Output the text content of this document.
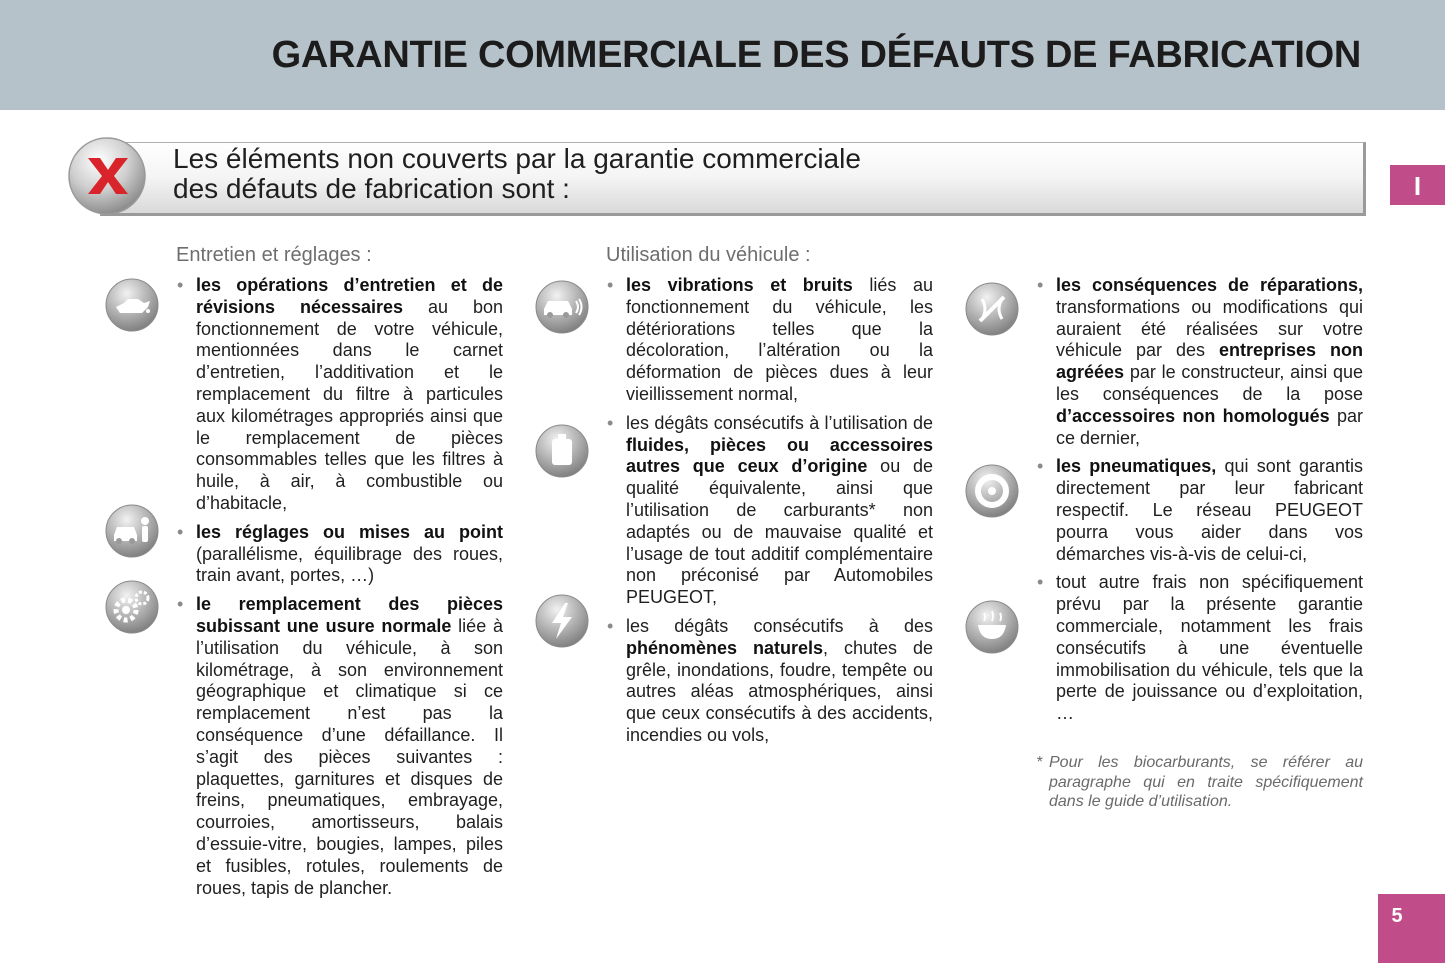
GARANTIE COMMERCIALE DES DÉFAUTS DE FABRICATION
I
5
Les éléments non couverts par la garantie commerciale
des défauts de fabrication sont :
Entretien et réglages :
• les opérations d’entretien et de révisions nécessaires au bon fonctionnement de votre véhicule, mentionnées dans le carnet d’entretien, l’additivation et le remplacement du filtre à particules aux kilométrages appropriés ainsi que le remplacement de pièces consommables telles que les filtres à huile, à air, à combustible ou d’habitacle,
• les réglages ou mises au point (parallélisme, équilibrage des roues, train avant, portes, …)
• le remplacement des pièces subissant une usure normale liée à l’utilisation du véhicule, à son kilométrage, à son environnement géographique et climatique si ce remplacement n’est pas la conséquence d’une défaillance. Il s’agit des pièces suivantes : plaquettes, garnitures et disques de freins, pneumatiques, embrayage, courroies, amortisseurs, balais d’essuie-vitre, bougies, lampes, piles et fusibles, rotules, roulements de roues, tapis de plancher.
Utilisation du véhicule :
• les vibrations et bruits liés au fonctionnement du véhicule, les détériorations telles que la décoloration, l’altération ou la déformation de pièces dues à leur vieillissement normal,
• les dégâts consécutifs à l’utilisation de fluides, pièces ou accessoires autres que ceux d’origine ou de qualité équivalente, ainsi que l’utilisation de carburants* non adaptés ou de mauvaise qualité et l’usage de tout additif complémentaire non préconisé par Automobiles PEUGEOT,
• les dégâts consécutifs à des phénomènes naturels, chutes de grêle, inondations, foudre, tempête ou autres aléas atmosphériques, ainsi que ceux consécutifs à des accidents, incendies ou vols,
• les conséquences de réparations, transformations ou modifications qui auraient été réalisées sur votre véhicule par des entreprises non agréées par le constructeur, ainsi que les conséquences de la pose d’accessoires non homologués par ce dernier,
• les pneumatiques, qui sont garantis directement par leur fabricant respectif. Le réseau PEUGEOT pourra vous aider dans vos démarches vis-à-vis de celui-ci,
• tout autre frais non spécifiquement prévu par la présente garantie commerciale, notamment les frais consécutifs à une éventuelle immobilisation du véhicule, tels que la perte de jouissance ou d’exploitation, …
* Pour les biocarburants, se référer au paragraphe qui en traite spécifiquement dans le guide d’utilisation.
